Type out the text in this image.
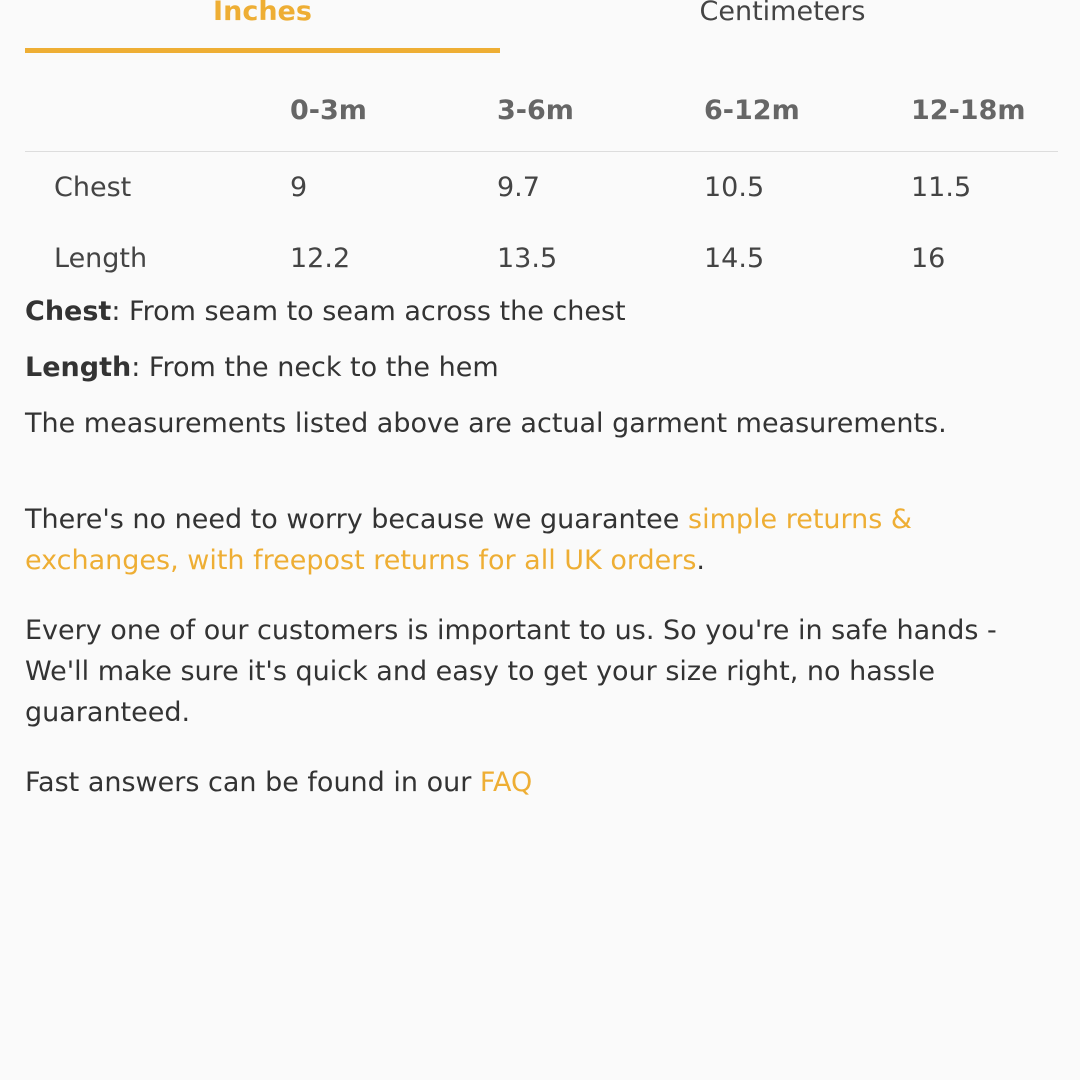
Inches	Centimeters
	0-3m	3-6m	6-12m	12-18m
Chest	9	9.7	10.5	11.5
Length	12.2	13.5	14.5	16

Chest: From seam to seam across the chest

Length: From the neck to the hem

The measurements listed above are actual garment measurements.

There's no need to worry because we guarantee simple returns & exchanges, with freepost returns for all UK orders.

Every one of our customers is important to us. So you're in safe hands - We'll make sure it's quick and easy to get your size right, no hassle guaranteed.

Fast answers can be found in our FAQ
